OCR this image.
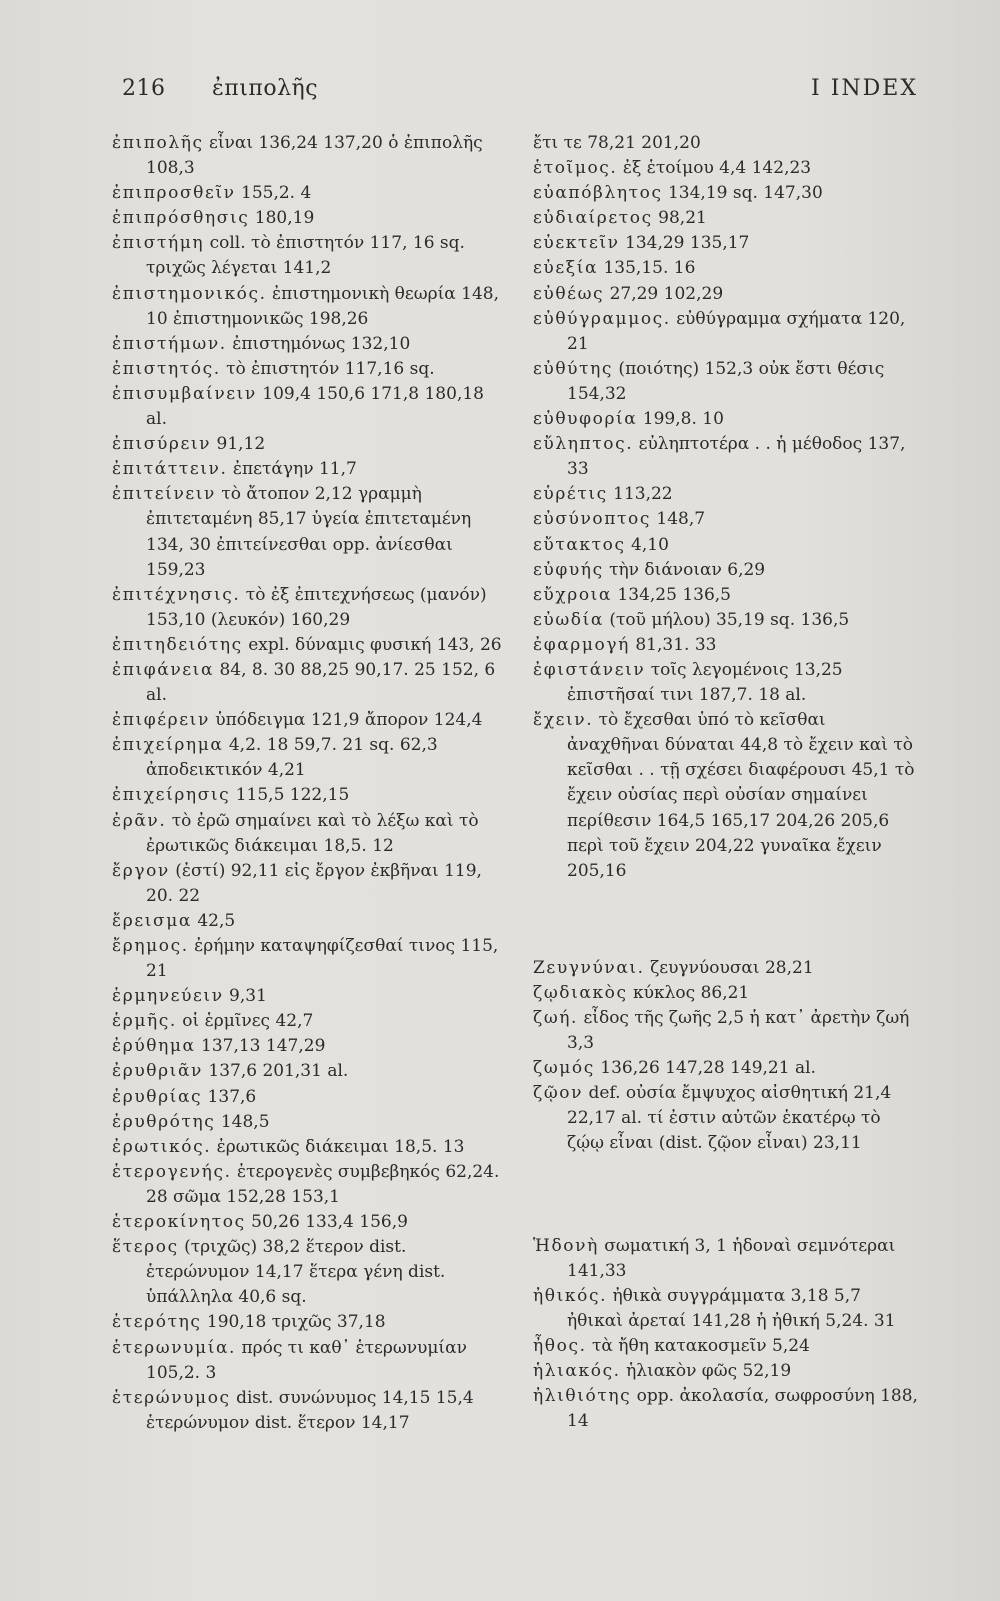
216 ἐπιπολῆς	I INDEX

ἐπιπολῆς εἶναι 136,24 137,20 ὁ ἐπιπολῆς 108,3

ἐπιπροσθεῖν 155,2. 4

ἐπιπρόσθησις 180,19

ἐπιστήμη coll. τὸ ἐπιστητόν 117, 16 sq. τριχῶς λέγεται 141,2

ἐπιστημονικός. ἐπιστημονικὴ θεωρία 148, 10 ἐπιστημονικῶς 198,26

ἐπιστήμων. ἐπιστημόνως 132,10

ἐπιστητός. τὸ ἐπιστητόν 117,16 sq.

ἐπισυμβαίνειν 109,4 150,6 171,8 180,18 al.

ἐπισύρειν 91,12

ἐπιτάττειν. ἐπετάγην 11,7

ἐπιτείνειν τὸ ἄτοπον 2,12 γραμμὴ ἐπιτεταμένη 85,17 ὑγεία ἐπιτεταμένη 134, 30 ἐπιτείνεσθαι opp. ἀνίεσθαι 159,23

ἐπιτέχνησις. τὸ ἐξ ἐπιτεχνήσεως (μανόν) 153,10 (λευκόν) 160,29

ἐπιτηδειότης expl. δύναμις φυσική 143, 26

ἐπιφάνεια 84, 8. 30 88,25 90,17. 25 152, 6 al.

ἐπιφέρειν ὑπόδειγμα 121,9 ἄπορον 124,4

ἐπιχείρημα 4,2. 18 59,7. 21 sq. 62,3 ἀποδεικτικόν 4,21

ἐπιχείρησις 115,5 122,15

ἐρᾶν. τὸ ἐρῶ σημαίνει καὶ τὸ λέξω καὶ τὸ ἐρωτικῶς διάκειμαι 18,5. 12

ἔργον (ἐστί) 92,11 εἰς ἔργον ἐκβῆναι 119, 20. 22

ἔρεισμα 42,5

ἔρημος. ἐρήμην καταψηφίζεσθαί τινος 115, 21

ἑρμηνεύειν 9,31

ἑρμῆς. οἱ ἑρμῖνες 42,7

ἐρύθημα 137,13 147,29

ἐρυθριᾶν 137,6 201,31 al.

ἐρυθρίας 137,6

ἐρυθρότης 148,5

ἐρωτικός. ἐρωτικῶς διάκειμαι 18,5. 13

ἑτερογενής. ἑτερογενὲς συμβεβηκός 62,24. 28 σῶμα 152,28 153,1

ἑτεροκίνητος 50,26 133,4 156,9

ἕτερος (τριχῶς) 38,2 ἕτερον dist. ἑτερώνυμον 14,17 ἕτερα γένη dist. ὑπάλληλα 40,6 sq.

ἑτερότης 190,18 τριχῶς 37,18

ἑτερωνυμία. πρός τι καθ᾽ ἑτερωνυμίαν 105,2. 3

ἑτερώνυμος dist. συνώνυμος 14,15 15,4 ἑτερώνυμον dist. ἕτερον 14,17

ἔτι τε 78,21 201,20

ἑτοῖμος. ἐξ ἑτοίμου 4,4 142,23

εὐαπόβλητος 134,19 sq. 147,30

εὐδιαίρετος 98,21

εὐεκτεῖν 134,29 135,17

εὐεξία 135,15. 16

εὐθέως 27,29 102,29

εὐθύγραμμος. εὐθύγραμμα σχήματα 120, 21

εὐθύτης (ποιότης) 152,3 οὐκ ἔστι θέσις 154,32

εὐθυφορία 199,8. 10

εὔληπτος. εὐληπτοτέρα . . ἡ μέθοδος 137, 33

εὑρέτις 113,22

εὐσύνοπτος 148,7

εὔτακτος 4,10

εὐφυής τὴν διάνοιαν 6,29

εὔχροια 134,25 136,5

εὐωδία (τοῦ μήλου) 35,19 sq. 136,5

ἐφαρμογή 81,31. 33

ἐφιστάνειν τοῖς λεγομένοις 13,25 ἐπιστῆσαί τινι 187,7. 18 al.

ἔχειν. τὸ ἔχεσθαι ὑπό τὸ κεῖσθαι ἀναχθῆναι δύναται 44,8 τὸ ἔχειν καὶ τὸ κεῖσθαι . . τῇ σχέσει διαφέρουσι 45,1 τὸ ἔχειν οὐσίας περὶ οὐσίαν σημαίνει περίθεσιν 164,5 165,17 204,26 205,6 περὶ τοῦ ἔχειν 204,22 γυναῖκα ἔχειν 205,16

Ζευγνύναι. ζευγνύουσαι 28,21

ζῳδιακὸς κύκλος 86,21

ζωή. εἶδος τῆς ζωῆς 2,5 ἡ κατ᾽ ἀρετὴν ζωή 3,3

ζωμός 136,26 147,28 149,21 al.

ζῷον def. οὐσία ἔμψυχος αἰσθητική 21,4 22,17 al. τί ἐστιν αὐτῶν ἑκατέρῳ τὸ ζῴῳ εἶναι (dist. ζῷον εἶναι) 23,11

Ἡδονὴ σωματική 3, 1 ἡδοναὶ σεμνότεραι 141,33

ἠθικός. ἠθικὰ συγγράμματα 3,18 5,7 ἠθικαὶ ἀρεταί 141,28 ἡ ἠθική 5,24. 31

ἦθος. τὰ ἤθη κατακοσμεῖν 5,24

ἡλιακός. ἡλιακὸν φῶς 52,19

ἠλιθιότης opp. ἀκολασία, σωφροσύνη 188, 14
